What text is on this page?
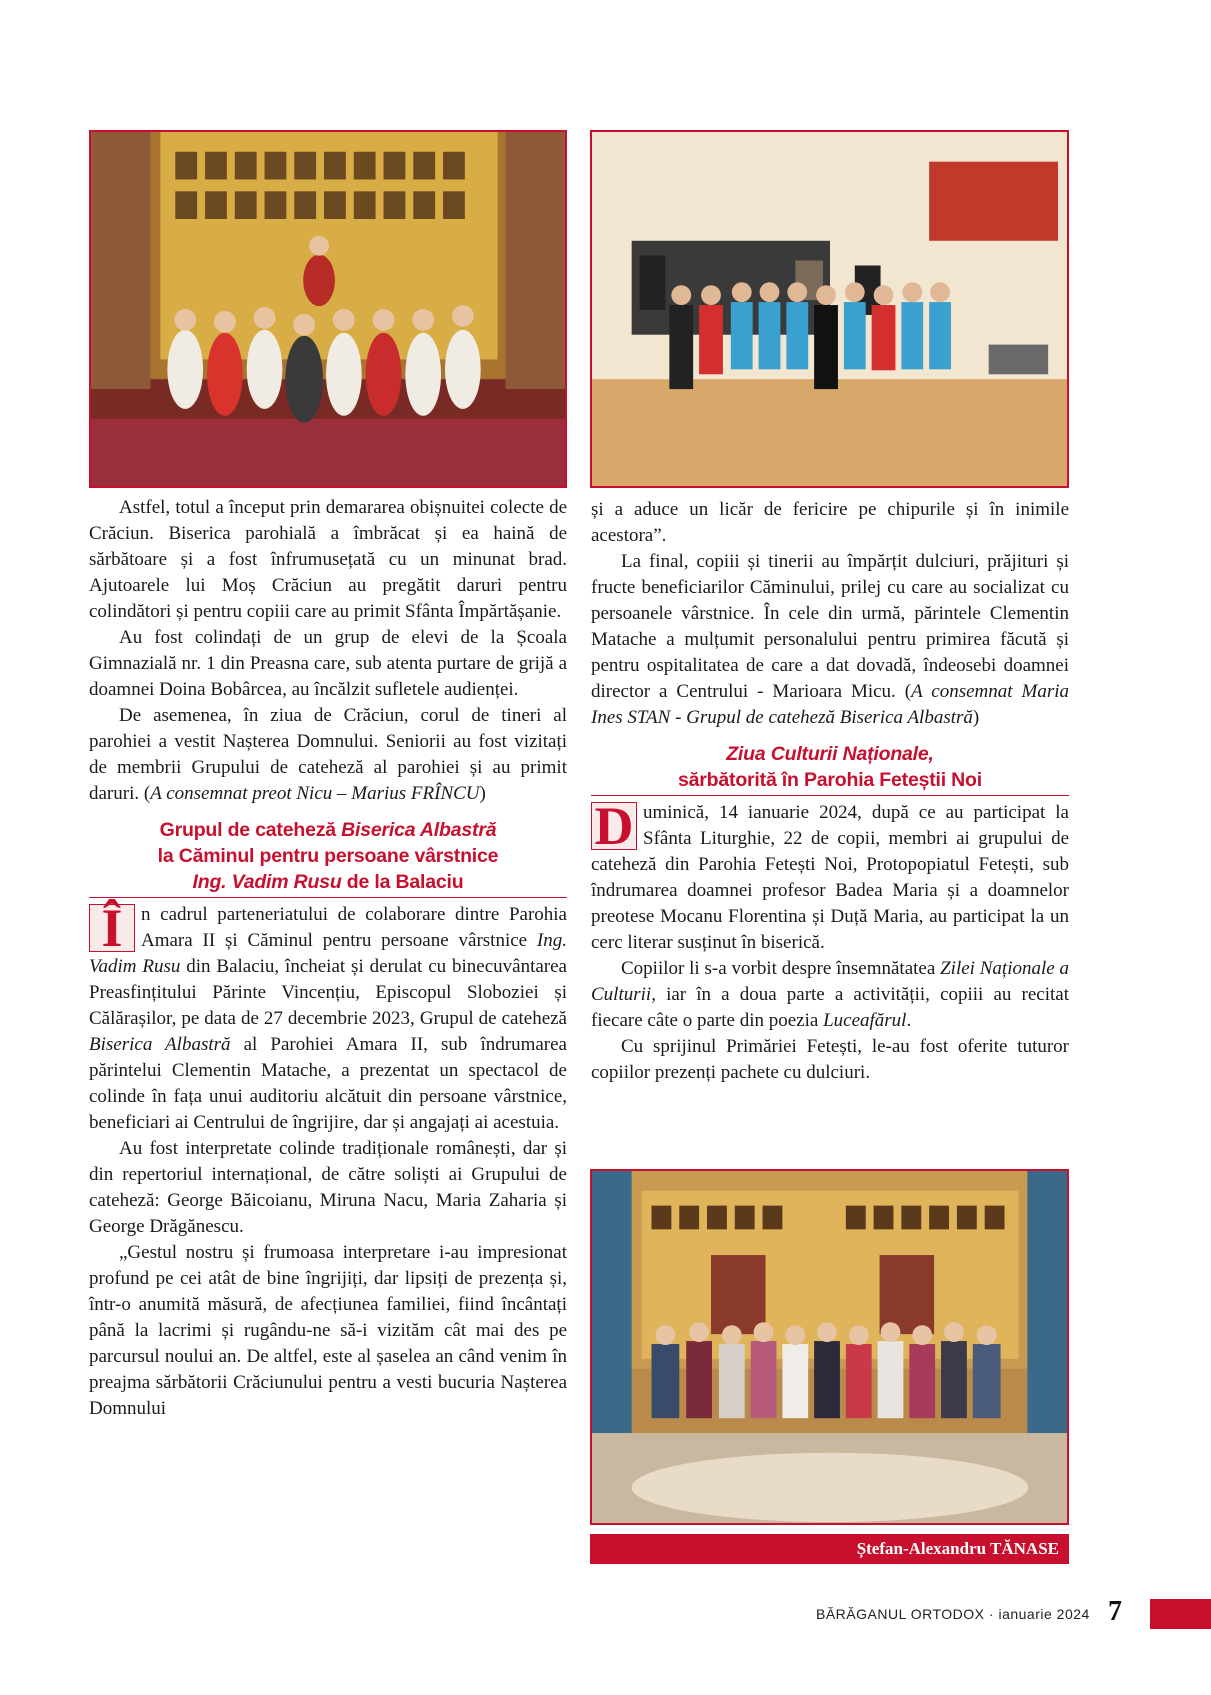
Astfel, totul a început prin demararea obișnuitei colecte de Crăciun. Biserica parohială a îmbrăcat și ea haină de sărbătoare și a fost înfrumusețată cu un minunat brad. Ajutoarele lui Moș Crăciun au pregătit daruri pentru colindători și pentru copiii care au primit Sfânta Împărtășanie.

Au fost colindați de un grup de elevi de la Școala Gimnazială nr. 1 din Preasna care, sub atenta purtare de grijă a doamnei Doina Bobârcea, au încălzit sufletele audienței.

De asemenea, în ziua de Crăciun, corul de tineri al parohiei a vestit Nașterea Domnului. Seniorii au fost vizitați de membrii Grupului de cateheză al parohiei și au primit daruri. (A consemnat preot Nicu – Marius FRÎNCU)

Grupul de cateheză Biserica Albastră
la Căminul pentru persoane vârstnice
Ing. Vadim Rusu de la Balaciu

Î n cadrul parteneriatului de colaborare dintre Parohia Amara II și Căminul pentru persoane vârstnice Ing. Vadim Rusu din Balaciu, încheiat și derulat cu binecuvântarea Preasfințitului Părinte Vincențiu, Episcopul Sloboziei și Călărașilor, pe data de 27 decembrie 2023, Grupul de cateheză Biserica Albastră al Parohiei Amara II, sub îndrumarea părintelui Clementin Matache, a prezentat un spectacol de colinde în fața unui auditoriu alcătuit din persoane vârstnice, beneficiari ai Centrului de îngrijire, dar și angajați ai acestuia.

Au fost interpretate colinde tradiționale românești, dar și din repertoriul internațional, de către soliști ai Grupului de cateheză: George Băicoianu, Miruna Nacu, Maria Zaharia și George Drăgănescu.

„Gestul nostru și frumoasa interpretare i-au impresionat profund pe cei atât de bine îngrijiți, dar lipsiți de prezența și, într-o anumită măsură, de afecțiunea familiei, fiind încântați până la lacrimi și rugându-ne să-i vizităm cât mai des pe parcursul noului an. De altfel, este al șaselea an când venim în preajma sărbătorii Crăciunului pentru a vesti bucuria Nașterea Domnului

și a aduce un licăr de fericire pe chipurile și în inimile acestora”.

La final, copiii și tinerii au împărțit dulciuri, prăjituri și fructe beneficiarilor Căminului, prilej cu care au socializat cu persoanele vârstnice. În cele din urmă, părintele Clementin Matache a mulțumit personalului pentru primirea făcută și pentru ospitalitatea de care a dat dovadă, îndeosebi doamnei director a Centrului - Marioara Micu. (A consemnat Maria Ines STAN - Grupul de cateheză Biserica Albastră)

Ziua Culturii Naționale,
sărbătorită în Parohia Feteștii Noi

D uminică, 14 ianuarie 2024, după ce au participat la Sfânta Liturghie, 22 de copii, membri ai grupului de cateheză din Parohia Fetești Noi, Protopopiatul Fetești, sub îndrumarea doamnei profesor Badea Maria și a doamnelor preotese Mocanu Florentina și Duță Maria, au participat la un cerc literar susținut în biserică.

Copiilor li s-a vorbit despre însemnătatea Zilei Naționale a Culturii, iar în a doua parte a activității, copiii au recitat fiecare câte o parte din poezia Luceafărul.

Cu sprijinul Primăriei Fetești, le-au fost oferite tuturor copiilor prezenți pachete cu dulciuri.

Ștefan-Alexandru TĂNASE
BĂRĂGANUL ORTODOX · ianuarie 2024 7
